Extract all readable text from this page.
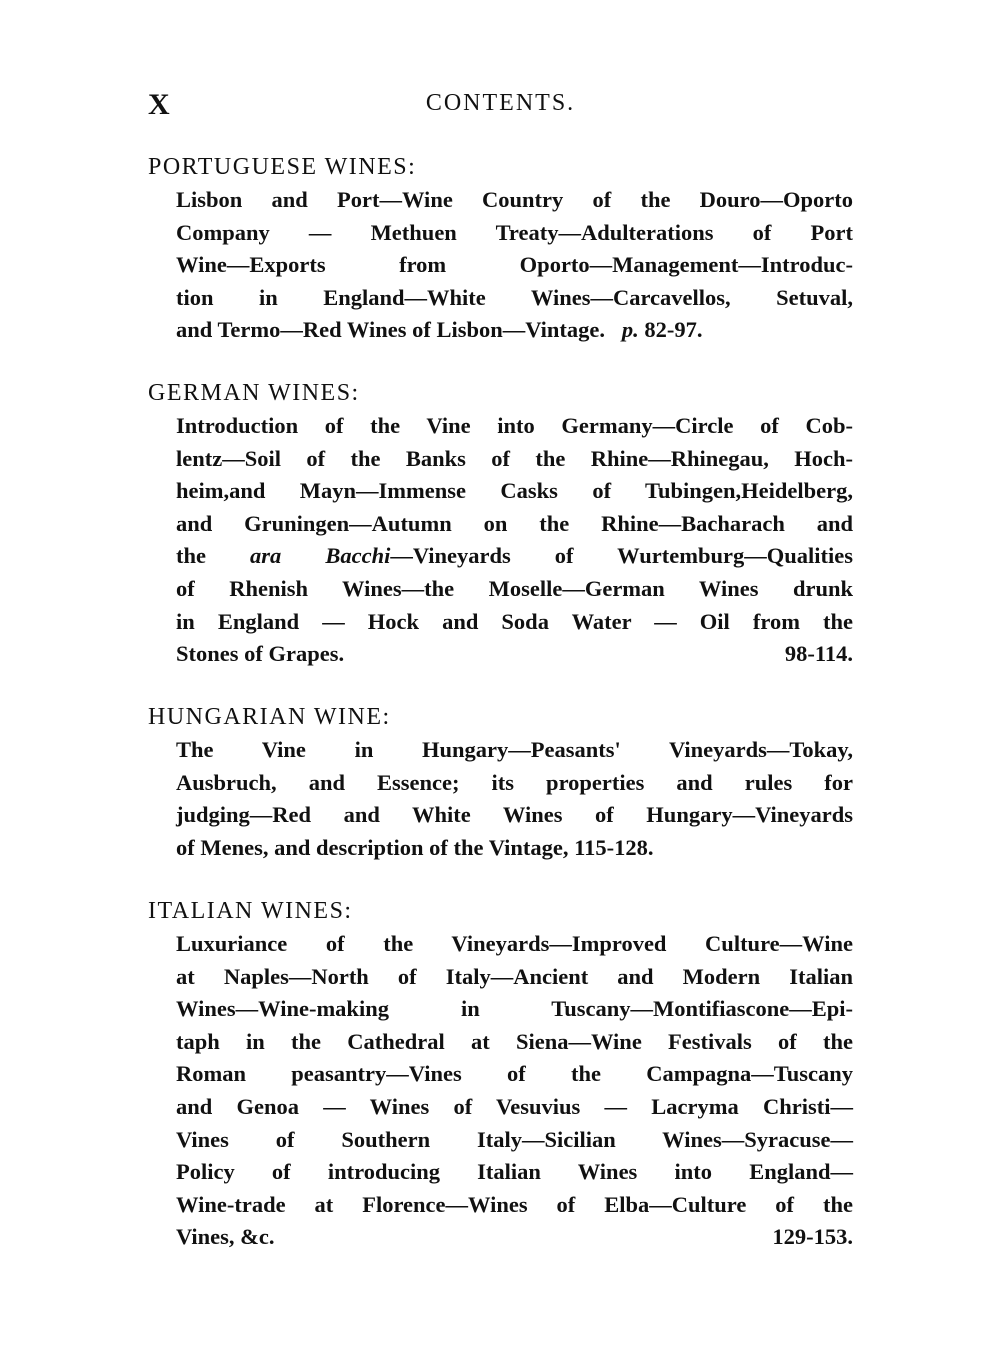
X	CONTENTS.
PORTUGUESE WINES:
Lisbon and Port—Wine Country of the Douro—Oporto
Company — Methuen Treaty—Adulterations of Port
Wine—Exports from Oporto—Management—Introduc-
tion in England—White Wines—Carcavellos, Setuval,
and Termo—Red Wines of Lisbon—Vintage. p. 82-97.
GERMAN WINES:
Introduction of the Vine into Germany—Circle of Cob-
lentz—Soil of the Banks of the Rhine—Rhinegau, Hoch-
heim,and Mayn—Immense Casks of Tubingen,Heidelberg,
and Gruningen—Autumn on the Rhine—Bacharach and
the ara Bacchi—Vineyards of Wurtemburg—Qualities
of Rhenish Wines—the Moselle—German Wines drunk
in England — Hock and Soda Water — Oil from the
Stones of Grapes.	98-114.
HUNGARIAN WINE:
The Vine in Hungary—Peasants' Vineyards—Tokay,
Ausbruch, and Essence; its properties and rules for
judging—Red and White Wines of Hungary—Vineyards
of Menes, and description of the Vintage, 115-128.
ITALIAN WINES:
Luxuriance of the Vineyards—Improved Culture—Wine
at Naples—North of Italy—Ancient and Modern Italian
Wines—Wine-making in Tuscany—Montifiascone—Epi-
taph in the Cathedral at Siena—Wine Festivals of the
Roman peasantry—Vines of the Campagna—Tuscany
and Genoa — Wines of Vesuvius — Lacryma Christi—
Vines of Southern Italy—Sicilian Wines—Syracuse—
Policy of introducing Italian Wines into England—
Wine-trade at Florence—Wines of Elba—Culture of the
Vines, &c.	129-153.
